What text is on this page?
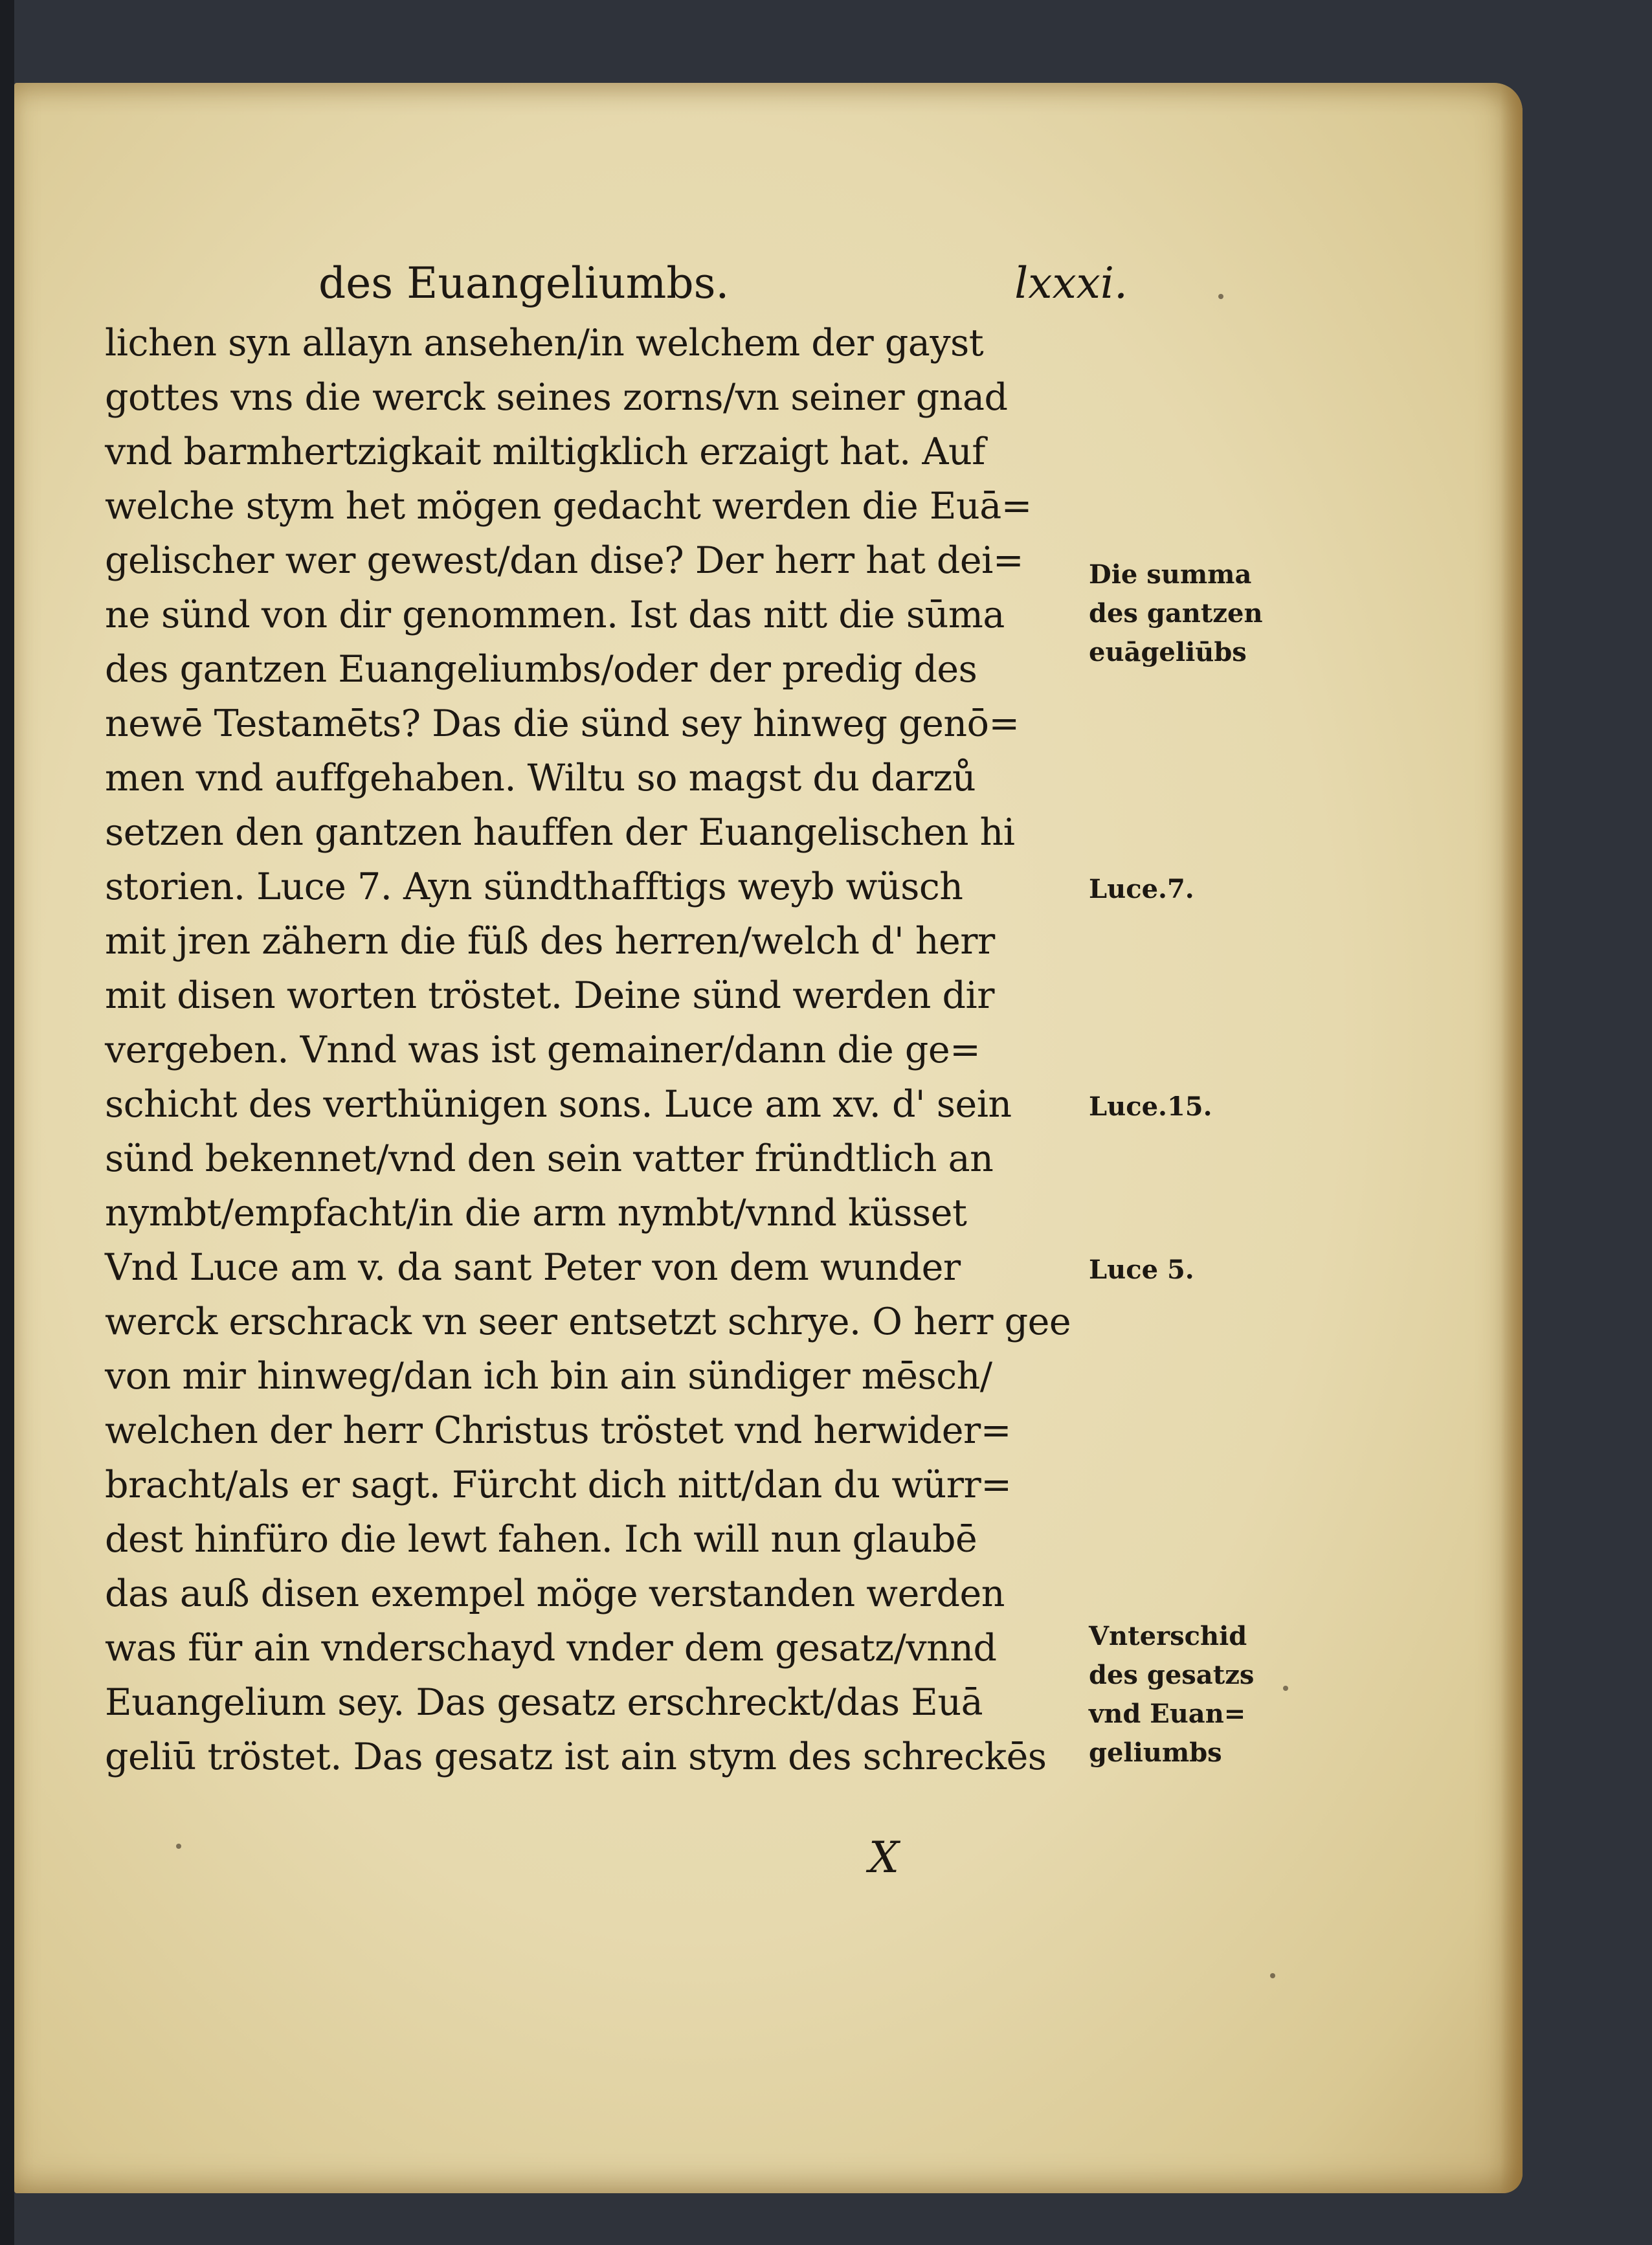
des Euangeliumbs.	lxxxi.
lichen syn allayn ansehen/in welchem der gayst
gottes vns die werck seines zorns/vn seiner gnad
vnd barmhertzigkait miltigklich erzaigt hat. Auf
welche stym het mögen gedacht werden die Euā=
gelischer wer gewest/dan dise? Der herr hat dei=
ne sünd von dir genommen. Ist das nitt die sūma
des gantzen Euangeliumbs/oder der predig des
newē Testamēts? Das die sünd sey hinweg genō=
men vnd auffgehaben. Wiltu so magst du darzů
setzen den gantzen hauffen der Euangelischen hi
storien. Luce 7. Ayn sündthafftigs weyb wüsch
mit jren zähern die füß des herren/welch d' herr
mit disen worten tröstet. Deine sünd werden dir
vergeben. Vnnd was ist gemainer/dann die ge=
schicht des verthünigen sons. Luce am xv. d' sein
sünd bekennet/vnd den sein vatter fründtlich an
nymbt/empfacht/in die arm nymbt/vnnd küsset
Vnd Luce am v. da sant Peter von dem wunder
werck erschrack vn seer entsetzt schrye. O herr gee
von mir hinweg/dan ich bin ain sündiger mēsch/
welchen der herr Christus tröstet vnd herwider=
bracht/als er sagt. Fürcht dich nitt/dan du würr=
dest hinfüro die lewt fahen. Ich will nun glaubē
das auß disen exempel möge verstanden werden
was für ain vnderschayd vnder dem gesatz/vnnd
Euangelium sey. Das gesatz erschreckt/das Euā
geliū tröstet. Das gesatz ist ain stym des schreckēs
Die summa
des gantzen
euāgeliūbs
Luce.7.
Luce.15.
Luce 5.
Vnterschid
des gesatzs
vnd Euan=
geliumbs
X
